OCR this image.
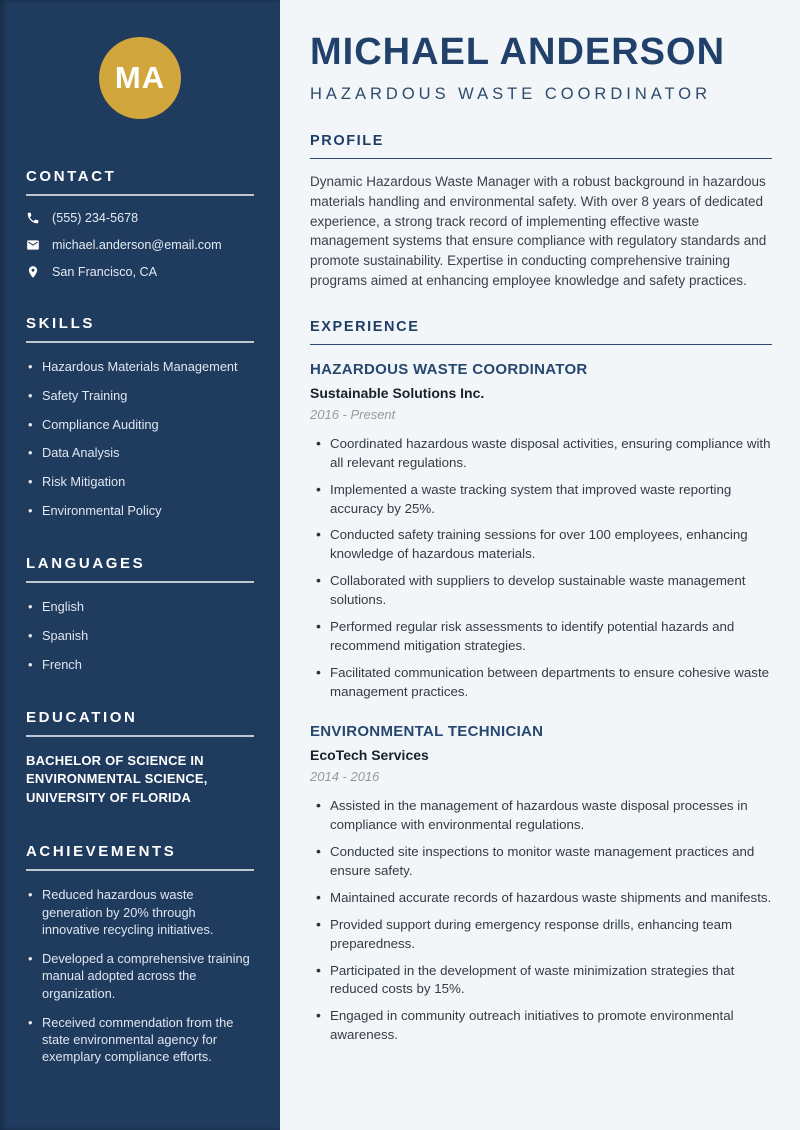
MA
CONTACT
(555) 234-5678
michael.anderson@email.com
San Francisco, CA
SKILLS
• Hazardous Materials Management
• Safety Training
• Compliance Auditing
• Data Analysis
• Risk Mitigation
• Environmental Policy
LANGUAGES
• English
• Spanish
• French
EDUCATION

BACHELOR OF SCIENCE IN ENVIRONMENTAL SCIENCE, UNIVERSITY OF FLORIDA

ACHIEVEMENTS
• Reduced hazardous waste generation by 20% through innovative recycling initiatives.
• Developed a comprehensive training manual adopted across the organization.
• Received commendation from the state environmental agency for exemplary compliance efforts.
MICHAEL ANDERSON
HAZARDOUS WASTE COORDINATOR
PROFILE

Dynamic Hazardous Waste Manager with a robust background in hazardous materials handling and environmental safety. With over 8 years of dedicated experience, a strong track record of implementing effective waste management systems that ensure compliance with regulatory standards and promote sustainability. Expertise in conducting comprehensive training programs aimed at enhancing employee knowledge and safety practices.

EXPERIENCE
HAZARDOUS WASTE COORDINATOR
Sustainable Solutions Inc.
2016 - Present
• Coordinated hazardous waste disposal activities, ensuring compliance with all relevant regulations.
• Implemented a waste tracking system that improved waste reporting accuracy by 25%.
• Conducted safety training sessions for over 100 employees, enhancing knowledge of hazardous materials.
• Collaborated with suppliers to develop sustainable waste management solutions.
• Performed regular risk assessments to identify potential hazards and recommend mitigation strategies.
• Facilitated communication between departments to ensure cohesive waste management practices.
ENVIRONMENTAL TECHNICIAN
EcoTech Services
2014 - 2016
• Assisted in the management of hazardous waste disposal processes in compliance with environmental regulations.
• Conducted site inspections to monitor waste management practices and ensure safety.
• Maintained accurate records of hazardous waste shipments and manifests.
• Provided support during emergency response drills, enhancing team preparedness.
• Participated in the development of waste minimization strategies that reduced costs by 15%.
• Engaged in community outreach initiatives to promote environmental awareness.
